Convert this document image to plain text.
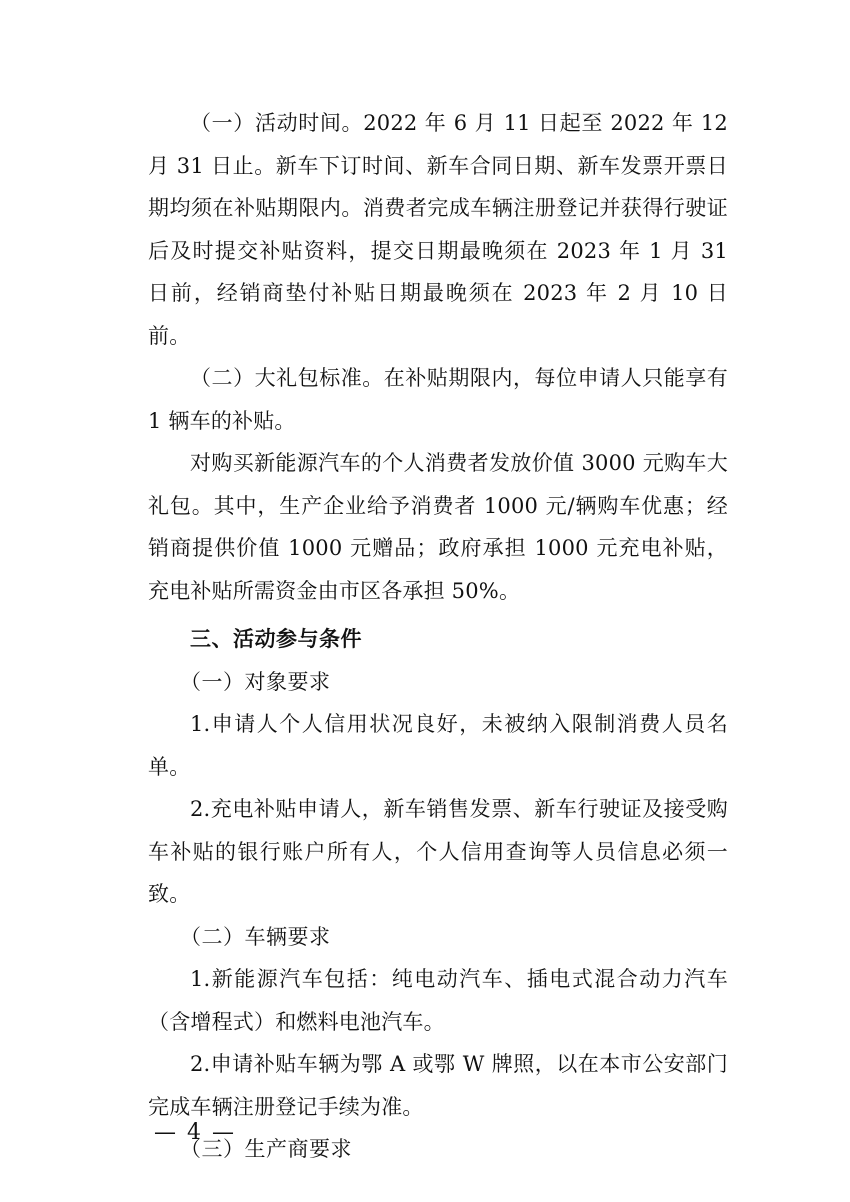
（一）活动时间。2022 年 6 月 11 日起至 2022 年 12 月 31 日止。新车下订时间、新车合同日期、新车发票开票日期均须在补贴期限内。消费者完成车辆注册登记并获得行驶证后及时提交补贴资料，提交日期最晚须在 2023 年 1 月 31 日前，经销商垫付补贴日期最晚须在 2023 年 2 月 10 日前。

（二）大礼包标准。在补贴期限内，每位申请人只能享有 1 辆车的补贴。

对购买新能源汽车的个人消费者发放价值 3000 元购车大礼包。其中，生产企业给予消费者 1000 元/辆购车优惠；经销商提供价值 1000 元赠品；政府承担 1000 元充电补贴，充电补贴所需资金由市区各承担 50%。

三、活动参与条件

（一）对象要求

1.申请人个人信用状况良好，未被纳入限制消费人员名单。

2.充电补贴申请人，新车销售发票、新车行驶证及接受购车补贴的银行账户所有人，个人信用查询等人员信息必须一致。

（二）车辆要求

1.新能源汽车包括：纯电动汽车、插电式混合动力汽车（含增程式）和燃料电池汽车。

2.申请补贴车辆为鄂 A 或鄂 W 牌照，以在本市公安部门完成车辆注册登记手续为准。

（三）生产商要求

— 4 —
